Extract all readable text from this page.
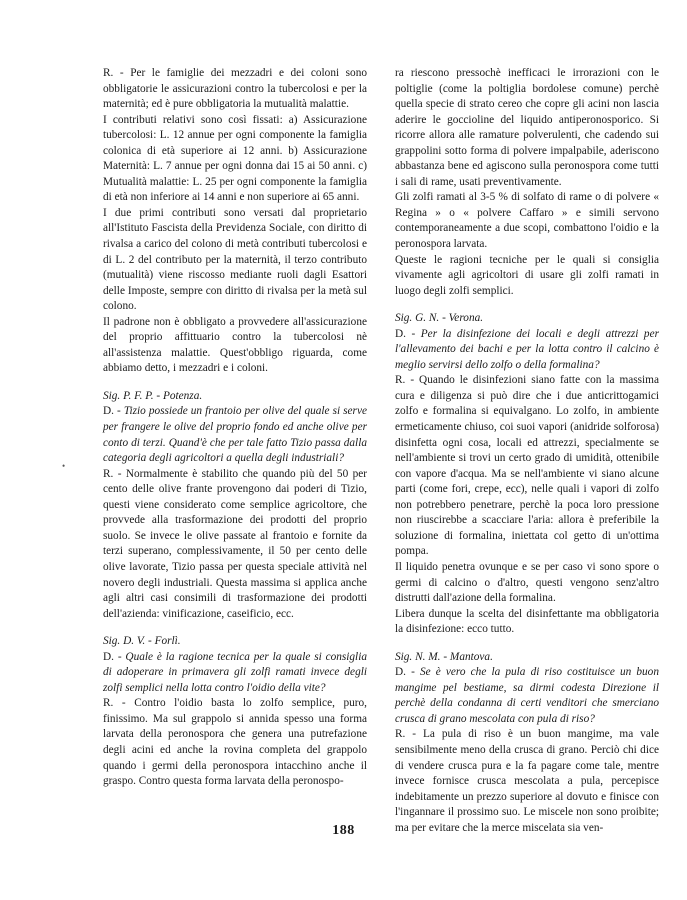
R. - Per le famiglie dei mezzadri e dei coloni sono obbligatorie le assicurazioni contro la tubercolosi e per la maternità; ed è pure obbligatoria la mutualità malattie.

I contributi relativi sono così fissati: a) Assicurazione tubercolosi: L. 12 annue per ogni componente la famiglia colonica di età superiore ai 12 anni. b) Assicurazione Maternità: L. 7 annue per ogni donna dai 15 ai 50 anni. c) Mutualità malattie: L. 25 per ogni componente la famiglia di età non inferiore ai 14 anni e non superiore ai 65 anni.

I due primi contributi sono versati dal proprietario all'Istituto Fascista della Previdenza Sociale, con diritto di rivalsa a carico del colono di metà contributi tubercolosi e di L. 2 del contributo per la maternità, il terzo contributo (mutualità) viene riscosso mediante ruoli dagli Esattori delle Imposte, sempre con diritto di rivalsa per la metà sul colono.

Il padrone non è obbligato a provvedere all'assicurazione del proprio affittuario contro la tubercolosi nè all'assistenza malattie. Quest'obbligo riguarda, come abbiamo detto, i mezzadri e i coloni.

Sig. P. F. P. - Potenza.

D. - Tizio possiede un frantoio per olive del quale si serve per frangere le olive del proprio fondo ed anche olive per conto di terzi. Quand'è che per tale fatto Tizio passa dalla categoria degli agricoltori a quella degli industriali?

R. - Normalmente è stabilito che quando più del 50 per cento delle olive frante provengono dai poderi di Tizio, questi viene considerato come semplice agricoltore, che provvede alla trasformazione dei prodotti del proprio suolo. Se invece le olive passate al frantoio e fornite da terzi superano, complessivamente, il 50 per cento delle olive lavorate, Tizio passa per questa speciale attività nel novero degli industriali. Questa massima si applica anche agli altri casi consimili di trasformazione dei prodotti dell'azienda: vinificazione, caseificio, ecc.

Sig. D. V. - Forlì.

D. - Quale è la ragione tecnica per la quale si consiglia di adoperare in primavera gli zolfi ramati invece degli zolfi semplici nella lotta contro l'oidio della vite?

R. - Contro l'oidio basta lo zolfo semplice, puro, finissimo. Ma sul grappolo si annida spesso una forma larvata della peronospora che genera una putrefazione degli acini ed anche la rovina completa del grappolo quando i germi della peronospora intacchino anche il graspo. Contro questa forma larvata della peronospo-

ra riescono pressochè inefficaci le irrorazioni con le poltiglie (come la poltiglia bordolese comune) perchè quella specie di strato cereo che copre gli acini non lascia aderire le goccioline del liquido antiperonosporico. Si ricorre allora alle ramature polverulenti, che cadendo sui grappolini sotto forma di polvere impalpabile, aderiscono abbastanza bene ed agiscono sulla peronospora come tutti i sali di rame, usati preventivamente.

Gli zolfi ramati al 3-5 % di solfato di rame o di polvere « Regina » o « polvere Caffaro » e simili servono contemporaneamente a due scopi, combattono l'oidio e la peronospora larvata.

Queste le ragioni tecniche per le quali si consiglia vivamente agli agricoltori di usare gli zolfi ramati in luogo degli zolfi semplici.

Sig. G. N. - Verona.

D. - Per la disinfezione dei locali e degli attrezzi per l'allevamento dei bachi e per la lotta contro il calcino è meglio servirsi dello zolfo o della formalina?

R. - Quando le disinfezioni siano fatte con la massima cura e diligenza si può dire che i due anticrittogamici zolfo e formalina si equivalgano. Lo zolfo, in ambiente ermeticamente chiuso, coi suoi vapori (anidride solforosa) disinfetta ogni cosa, locali ed attrezzi, specialmente se nell'ambiente si trovi un certo grado di umidità, ottenibile con vapore d'acqua. Ma se nell'ambiente vi siano alcune parti (come fori, crepe, ecc), nelle quali i vapori di zolfo non potrebbero penetrare, perchè la poca loro pressione non riuscirebbe a scacciare l'aria: allora è preferibile la soluzione di formalina, iniettata col getto di un'ottima pompa.

Il liquido penetra ovunque e se per caso vi sono spore o germi di calcino o d'altro, questi vengono senz'altro distrutti dall'azione della formalina.

Libera dunque la scelta del disinfettante ma obbligatoria la disinfezione: ecco tutto.

Sig. N. M. - Mantova.

D. - Se è vero che la pula di riso costituisce un buon mangime pel bestiame, sa dirmi codesta Direzione il perchè della condanna di certi venditori che smerciano crusca di grano mescolata con pula di riso?

R. - La pula di riso è un buon mangime, ma vale sensibilmente meno della crusca di grano. Perciò chi dice di vendere crusca pura e la fa pagare come tale, mentre invece fornisce crusca mescolata a pula, percepisce indebitamente un prezzo superiore al dovuto e finisce con l'ingannare il prossimo suo. Le miscele non sono proibite; ma per evitare che la merce miscelata sia ven-

•
188
